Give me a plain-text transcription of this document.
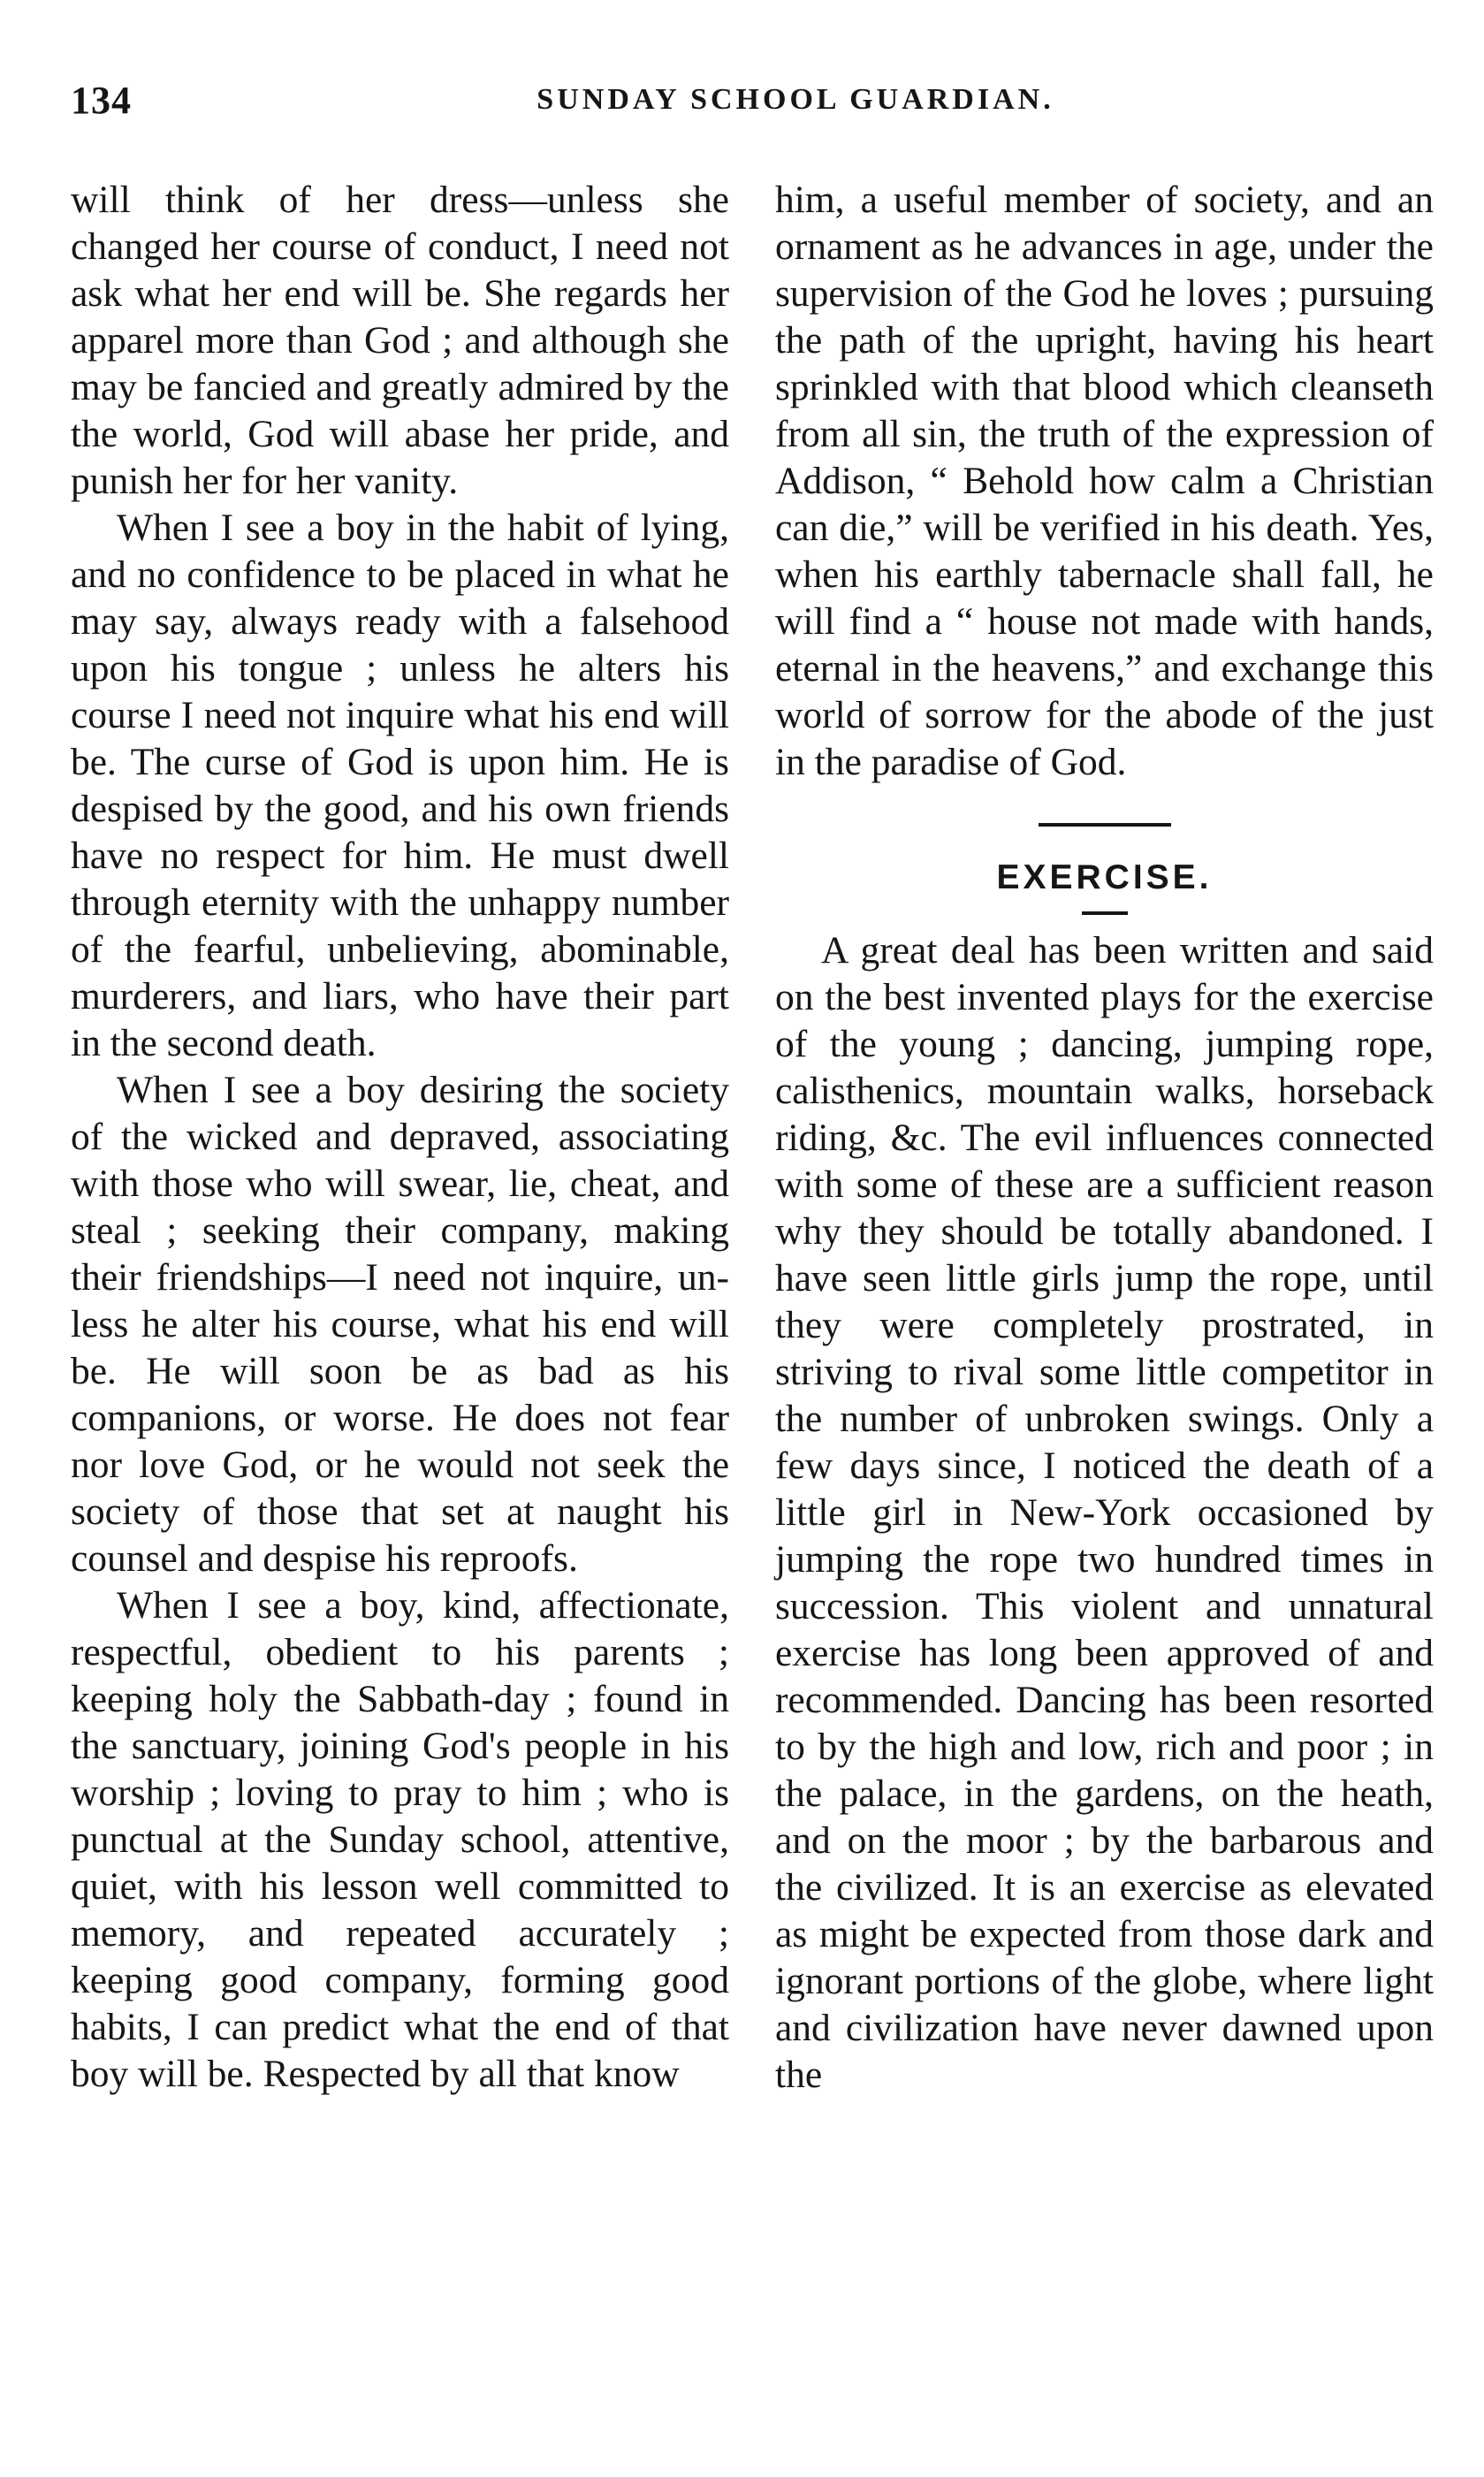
134	SUNDAY SCHOOL GUARDIAN.

will think of her dress—unless she changed her course of conduct, I need not ask what her end will be. She regards her apparel more than God ; and although she may be fancied and greatly admired by the the world, God will abase her pride, and punish her for her vanity.

When I see a boy in the habit of lying, and no confidence to be placed in what he may say, always ready with a falsehood upon his tongue ; unless he alters his course I need not inquire what his end will be. The curse of God is upon him. He is despised by the good, and his own friends have no respect for him. He must dwell through eternity with the unhappy number of the fearful, unbelieving, abominable, murderers, and liars, who have their part in the second death.

When I see a boy desiring the society of the wicked and depraved, associating with those who will swear, lie, cheat, and steal ; seeking their company, making their friendships—I need not inquire, unless he alter his course, what his end will be. He will soon be as bad as his companions, or worse. He does not fear nor love God, or he would not seek the society of those that set at naught his counsel and despise his reproofs.

When I see a boy, kind, affectionate, respectful, obedient to his parents ; keeping holy the Sabbath-day ; found in the sanctuary, joining God's people in his worship ; loving to pray to him ; who is punctual at the Sunday school, attentive, quiet, with his lesson well committed to memory, and repeated accurately ; keeping good company, forming good habits, I can predict what the end of that boy will be. Respected by all that know

him, a useful member of society, and an ornament as he advances in age, under the supervision of the God he loves ; pursuing the path of the upright, having his heart sprinkled with that blood which cleanseth from all sin, the truth of the expression of Addison, “ Behold how calm a Christian can die,” will be verified in his death. Yes, when his earthly tabernacle shall fall, he will find a “ house not made with hands, eternal in the heavens,” and exchange this world of sorrow for the abode of the just in the paradise of God.

EXERCISE.

A great deal has been written and said on the best invented plays for the exercise of the young ; dancing, jumping rope, calisthenics, mountain walks, horseback riding, &c. The evil influences connected with some of these are a sufficient reason why they should be totally abandoned. I have seen little girls jump the rope, until they were completely prostrated, in striving to rival some little competitor in the number of unbroken swings. Only a few days since, I noticed the death of a little girl in New-York occasioned by jumping the rope two hundred times in succession. This violent and unnatural exercise has long been approved of and recommended. Dancing has been resorted to by the high and low, rich and poor ; in the palace, in the gardens, on the heath, and on the moor ; by the barbarous and the civilized. It is an exercise as elevated as might be expected from those dark and ignorant portions of the globe, where light and civilization have never dawned upon the
